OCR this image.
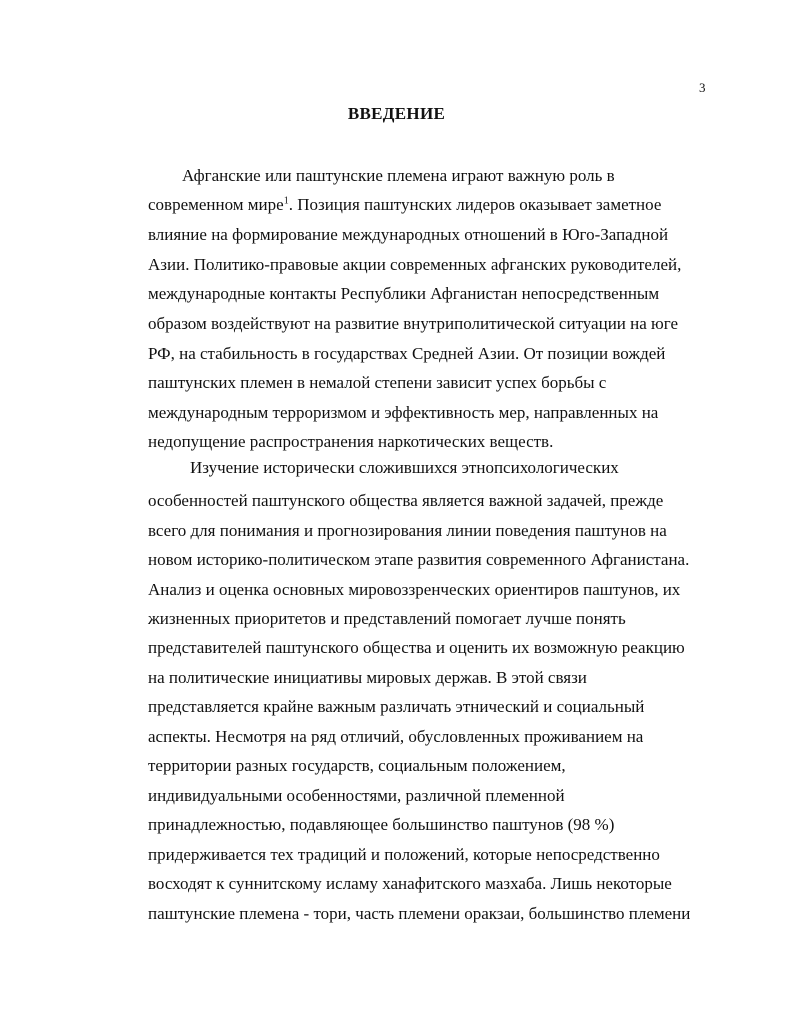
3
ВВЕДЕНИЕ
Афганские или паштунские племена играют важную роль в
современном мире$^1$. Позиция паштунских лидеров оказывает заметное
влияние на формирование международных отношений в Юго-Западной
Азии. Политико-правовые акции современных афганских руководителей,
международные контакты Республики Афганистан непосредственным
образом воздействуют на развитие внутриполитической ситуации на юге
РФ, на стабильность в государствах Средней Азии. От позиции вождей
паштунских племен в немалой степени зависит успех борьбы с
международным терроризмом и эффективность мер, направленных на
недопущение распространения наркотических веществ.
Изучение исторически сложившихся этнопсихологических
особенностей паштунского общества является важной задачей, прежде
всего для понимания и прогнозирования линии поведения паштунов на
новом историко-политическом этапе развития современного Афганистана.
Анализ и оценка основных мировоззренческих ориентиров паштунов, их
жизненных приоритетов и представлений помогает лучше понять
представителей паштунского общества и оценить их возможную реакцию
на политические инициативы мировых держав. В этой связи
представляется крайне важным различать этнический и социальный
аспекты. Несмотря на ряд отличий, обусловленных проживанием на
территории разных государств, социальным положением,
индивидуальными особенностями, различной племенной
принадлежностью, подавляющее большинство паштунов (98 %)
придерживается тех традиций и положений, которые непосредственно
восходят к суннитскому исламу ханафитского мазхаба. Лишь некоторые
паштунские племена - тори, часть племени оракзаи, большинство племени
